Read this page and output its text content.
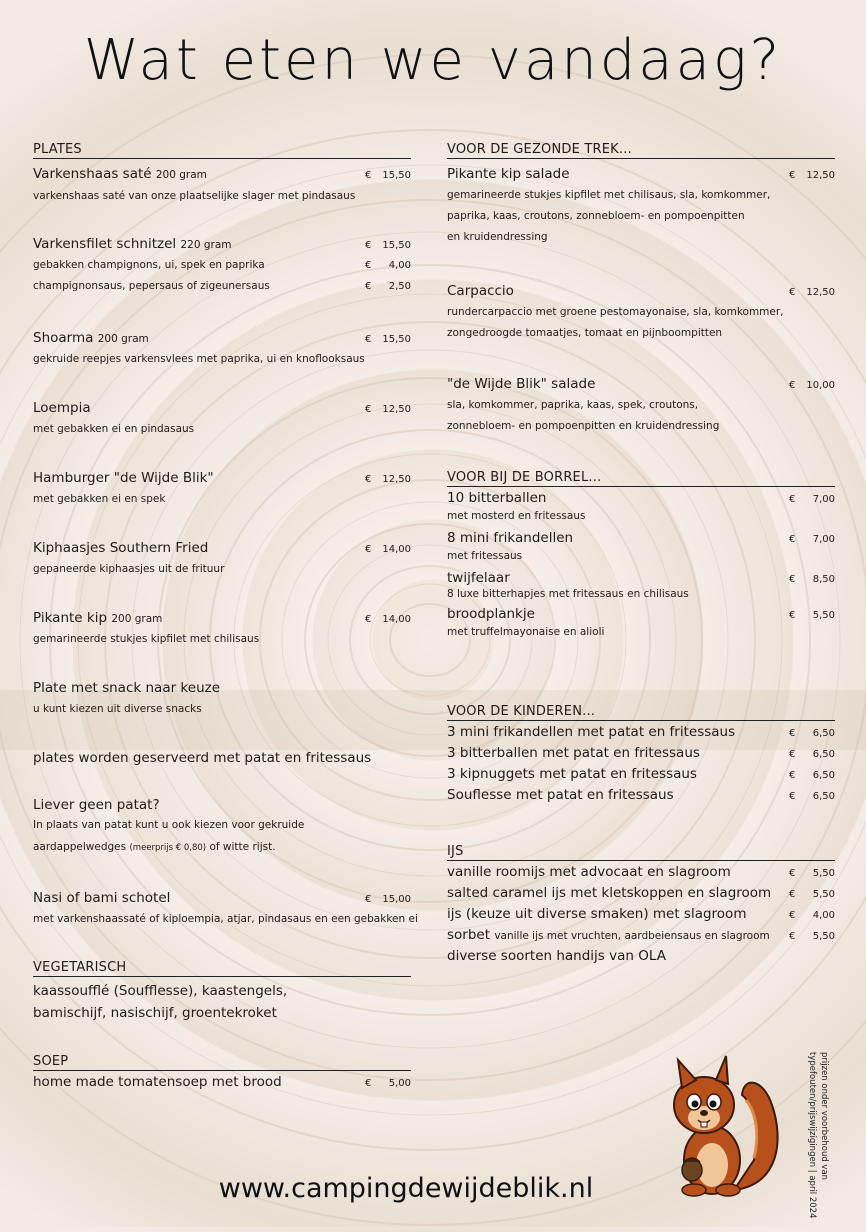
Wat eten we vandaag?
PLATES
Varkenshaas saté 200 gram	€ 15,50
varkenshaas saté van onze plaatselijke slager met pindasaus
Varkensfilet schnitzel 220 gram	€ 15,50
gebakken champignons, ui, spek en paprika	€ 4,00
champignonsaus, pepersaus of zigeunersaus	€ 2,50
Shoarma 200 gram	€ 15,50
gekruide reepjes varkensvlees met paprika, ui en knoflooksaus
Loempia	€ 12,50
met gebakken ei en pindasaus
Hamburger "de Wijde Blik"	€ 12,50
met gebakken ei en spek
Kiphaasjes Southern Fried	€ 14,00
gepaneerde kiphaasjes uit de frituur
Pikante kip 200 gram	€ 14,00
gemarineerde stukjes kipfilet met chilisaus
Plate met snack naar keuze
u kunt kiezen uit diverse snacks
plates worden geserveerd met patat en fritessaus
Liever geen patat?
In plaats van patat kunt u ook kiezen voor gekruide
aardappelwedges (meerprijs € 0,80) of witte rijst.
Nasi of bami schotel	€ 15,00
met varkenshaassaté of kiploempia, atjar, pindasaus en een gebakken ei
VEGETARISCH
kaassoufflé (Soufflesse), kaastengels,
bamischijf, nasischijf, groentekroket
SOEP
home made tomatensoep met brood	€ 5,00
VOOR DE GEZONDE TREK...
Pikante kip salade	€ 12,50
gemarineerde stukjes kipfilet met chilisaus, sla, komkommer,
paprika, kaas, croutons, zonnebloem- en pompoenpitten
en kruidendressing
Carpaccio	€ 12,50
rundercarpaccio met groene pestomayonaise, sla, komkommer,
zongedroogde tomaatjes, tomaat en pijnboompitten
"de Wijde Blik" salade	€ 10,00
sla, komkommer, paprika, kaas, spek, croutons,
zonnebloem- en pompoenpitten en kruidendressing
VOOR BIJ DE BORREL...
10 bitterballen	€ 7,00
met mosterd en fritessaus
8 mini frikandellen	€ 7,00
met fritessaus
twijfelaar	€ 8,50
8 luxe bitterhapjes met fritessaus en chilisaus
broodplankje	€ 5,50
met truffelmayonaise en alioli
VOOR DE KINDEREN...
3 mini frikandellen met patat en fritessaus	€ 6,50
3 bitterballen met patat en fritessaus	€ 6,50
3 kipnuggets met patat en fritessaus	€ 6,50
Souflesse met patat en fritessaus	€ 6,50
IJS
vanille roomijs met advocaat en slagroom	€ 5,50
salted caramel ijs met kletskoppen en slagroom € 5,50
ijs (keuze uit diverse smaken) met slagroom	€ 4,00
sorbet vanille ijs met vruchten, aardbeiensaus en slagroom € 5,50
diverse soorten handijs van OLA
prijzen onder voorbehoud van
typefouten/prijswijzigingen | april 2024
www.campingdewijdeblik.nl
